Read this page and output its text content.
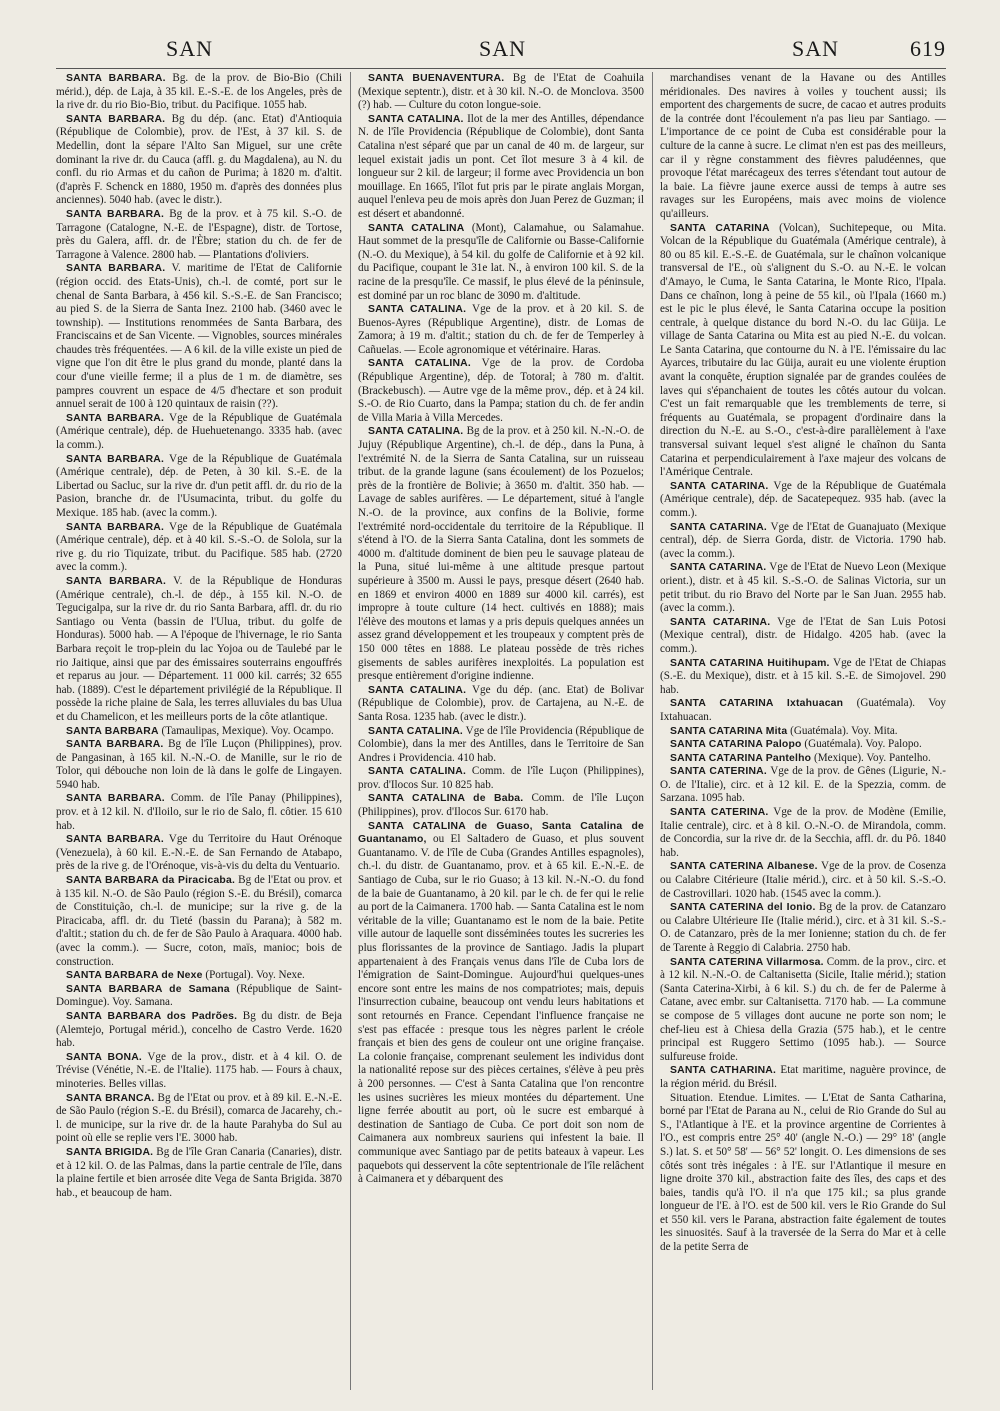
SAN	SAN	SAN	619

SANTA BARBARA. Bg. de la prov. de Bio-Bio (Chili mérid.), dép. de Laja, à 35 kil. E.-S.-E. de los Angeles, près de la rive dr. du rio Bio-Bio, tribut. du Pacifique. 1055 hab.

SANTA BARBARA. Bg du dép. (anc. Etat) d'Antioquia (République de Colombie), prov. de l'Est, à 37 kil. S. de Medellin, dont la sépare l'Alto San Miguel, sur une crête dominant la rive dr. du Cauca (affl. g. du Magdalena), au N. du confl. du rio Armas et du cañon de Purima; à 1820 m. d'altit. (d'après F. Schenck en 1880, 1950 m. d'après des données plus anciennes). 5040 hab. (avec le distr.).

SANTA BARBARA. Bg de la prov. et à 75 kil. S.-O. de Tarragone (Catalogne, N.-E. de l'Espagne), distr. de Tortose, près du Galera, affl. dr. de l'Èbre; station du ch. de fer de Tarragone à Valence. 2800 hab. — Plantations d'oliviers.

SANTA BARBARA. V. maritime de l'Etat de Californie (région occid. des Etats-Unis), ch.-l. de comté, port sur le chenal de Santa Barbara, à 456 kil. S.-S.-E. de San Francisco; au pied S. de la Sierra de Santa Inez. 2100 hab. (3460 avec le township). — Institutions renommées de Santa Barbara, des Franciscains et de San Vicente. — Vignobles, sources minérales chaudes très fréquentées. — A 6 kil. de la ville existe un pied de vigne que l'on dit être le plus grand du monde, planté dans la cour d'une vieille ferme; il a plus de 1 m. de diamètre, ses pampres couvrent un espace de 4/5 d'hectare et son produit annuel serait de 100 à 120 quintaux de raisin (??).

SANTA BARBARA. Vge de la République de Guatémala (Amérique centrale), dép. de Huehuetenango. 3335 hab. (avec la comm.).

SANTA BARBARA. Vge de la République de Guatémala (Amérique centrale), dép. de Peten, à 30 kil. S.-E. de la Libertad ou Sacluc, sur la rive dr. d'un petit affl. dr. du rio de la Pasion, branche dr. de l'Usumacinta, tribut. du golfe du Mexique. 185 hab. (avec la comm.).

SANTA BARBARA. Vge de la République de Guatémala (Amérique centrale), dép. et à 40 kil. S.-S.-O. de Solola, sur la rive g. du rio Tiquizate, tribut. du Pacifique. 585 hab. (2720 avec la comm.).

SANTA BARBARA. V. de la République de Honduras (Amérique centrale), ch.-l. de dép., à 155 kil. N.-O. de Tegucigalpa, sur la rive dr. du rio Santa Barbara, affl. dr. du rio Santiago ou Venta (bassin de l'Ulua, tribut. du golfe de Honduras). 5000 hab. — A l'époque de l'hivernage, le rio Santa Barbara reçoit le trop-plein du lac Yojoa ou de Taulebé par le rio Jaitique, ainsi que par des émissaires souterrains engouffrés et reparus au jour. — Département. 11 000 kil. carrés; 32 655 hab. (1889). C'est le département privilégié de la République. Il possède la riche plaine de Sala, les terres alluviales du bas Ulua et du Chamelicon, et les meilleurs ports de la côte atlantique.

SANTA BARBARA (Tamaulipas, Mexique). Voy. Ocampo.

SANTA BARBARA. Bg de l'île Luçon (Philippines), prov. de Pangasinan, à 165 kil. N.-N.-O. de Manille, sur le rio de Tolor, qui débouche non loin de là dans le golfe de Lingayen. 5940 hab.

SANTA BARBARA. Comm. de l'île Panay (Philippines), prov. et à 12 kil. N. d'Iloilo, sur le rio de Salo, fl. côtier. 15 610 hab.

SANTA BARBARA. Vge du Territoire du Haut Orénoque (Venezuela), à 60 kil. E.-N.-E. de San Fernando de Atabapo, près de la rive g. de l'Orénoque, vis-à-vis du delta du Ventuario.

SANTA BARBARA da Piracicaba. Bg de l'Etat ou prov. et à 135 kil. N.-O. de São Paulo (région S.-E. du Brésil), comarca de Constituição, ch.-l. de municipe; sur la rive g. de la Piracicaba, affl. dr. du Tieté (bassin du Parana); à 582 m. d'altit.; station du ch. de fer de São Paulo à Araquara. 4000 hab. (avec la comm.). — Sucre, coton, maïs, manioc; bois de construction.

SANTA BARBARA de Nexe (Portugal). Voy. Nexe.

SANTA BARBARA de Samana (République de Saint-Domingue). Voy. Samana.

SANTA BARBARA dos Padrões. Bg du distr. de Beja (Alemtejo, Portugal mérid.), concelho de Castro Verde. 1620 hab.

SANTA BONA. Vge de la prov., distr. et à 4 kil. O. de Trévise (Vénétie, N.-E. de l'Italie). 1175 hab. — Fours à chaux, minoteries. Belles villas.

SANTA BRANCA. Bg de l'Etat ou prov. et à 89 kil. E.-N.-E. de São Paulo (région S.-E. du Brésil), comarca de Jacarehy, ch.-l. de municipe, sur la rive dr. de la haute Parahyba do Sul au point où elle se replie vers l'E. 3000 hab.

SANTA BRIGIDA. Bg de l'île Gran Canaria (Canaries), distr. et à 12 kil. O. de las Palmas, dans la partie centrale de l'île, dans la plaine fertile et bien arrosée dite Vega de Santa Brigida. 3870 hab., et beaucoup de ham.

SANTA BUENAVENTURA. Bg de l'Etat de Coahuila (Mexique septentr.), distr. et à 30 kil. N.-O. de Monclova. 3500 (?) hab. — Culture du coton longue-soie.

SANTA CATALINA. Ilot de la mer des Antilles, dépendance N. de l'île Providencia (République de Colombie), dont Santa Catalina n'est séparé que par un canal de 40 m. de largeur, sur lequel existait jadis un pont. Cet îlot mesure 3 à 4 kil. de longueur sur 2 kil. de largeur; il forme avec Providencia un bon mouillage. En 1665, l'îlot fut pris par le pirate anglais Morgan, auquel l'enleva peu de mois après don Juan Perez de Guzman; il est désert et abandonné.

SANTA CATALINA (Mont), Calamahue, ou Salamahue. Haut sommet de la presqu'île de Californie ou Basse-Californie (N.-O. du Mexique), à 54 kil. du golfe de Californie et à 92 kil. du Pacifique, coupant le 31e lat. N., à environ 100 kil. S. de la racine de la presqu'île. Ce massif, le plus élevé de la péninsule, est dominé par un roc blanc de 3090 m. d'altitude.

SANTA CATALINA. Vge de la prov. et à 20 kil. S. de Buenos-Ayres (République Argentine), distr. de Lomas de Zamora; à 19 m. d'altit.; station du ch. de fer de Temperley à Cañuelas. — Ecole agronomique et vétérinaire. Haras.

SANTA CATALINA. Vge de la prov. de Cordoba (République Argentine), dép. de Totoral; à 780 m. d'altit. (Brackebusch). — Autre vge de la même prov., dép. et à 24 kil. S.-O. de Rio Cuarto, dans la Pampa; station du ch. de fer andin de Villa Maria à Villa Mercedes.

SANTA CATALINA. Bg de la prov. et à 250 kil. N.-N.-O. de Jujuy (République Argentine), ch.-l. de dép., dans la Puna, à l'extrémité N. de la Sierra de Santa Catalina, sur un ruisseau tribut. de la grande lagune (sans écoulement) de los Pozuelos; près de la frontière de Bolivie; à 3650 m. d'altit. 350 hab. — Lavage de sables aurifères. — Le département, situé à l'angle N.-O. de la province, aux confins de la Bolivie, forme l'extrémité nord-occidentale du territoire de la République. Il s'étend à l'O. de la Sierra Santa Catalina, dont les sommets de 4000 m. d'altitude dominent de bien peu le sauvage plateau de la Puna, situé lui-même à une altitude presque partout supérieure à 3500 m. Aussi le pays, presque désert (2640 hab. en 1869 et environ 4000 en 1889 sur 4000 kil. carrés), est impropre à toute culture (14 hect. cultivés en 1888); mais l'élève des moutons et lamas y a pris depuis quelques années un assez grand développement et les troupeaux y comptent près de 150 000 têtes en 1888. Le plateau possède de très riches gisements de sables aurifères inexploités. La population est presque entièrement d'origine indienne.

SANTA CATALINA. Vge du dép. (anc. Etat) de Bolivar (République de Colombie), prov. de Cartajena, au N.-E. de Santa Rosa. 1235 hab. (avec le distr.).

SANTA CATALINA. Vge de l'île Providencia (République de Colombie), dans la mer des Antilles, dans le Territoire de San Andres i Providencia. 410 hab.

SANTA CATALINA. Comm. de l'île Luçon (Philippines), prov. d'Ilocos Sur. 10 825 hab.

SANTA CATALINA de Baba. Comm. de l'île Luçon (Philippines), prov. d'Ilocos Sur. 6170 hab.

SANTA CATALINA de Guaso, Santa Catalina de Guantanamo, ou El Saltadero de Guaso, et plus souvent Guantanamo. V. de l'île de Cuba (Grandes Antilles espagnoles), ch.-l. du distr. de Guantanamo, prov. et à 65 kil. E.-N.-E. de Santiago de Cuba, sur le rio Guaso; à 13 kil. N.-N.-O. du fond de la baie de Guantanamo, à 20 kil. par le ch. de fer qui le relie au port de la Caimanera. 1700 hab. — Santa Catalina est le nom véritable de la ville; Guantanamo est le nom de la baie. Petite ville autour de laquelle sont disséminées toutes les sucreries les plus florissantes de la province de Santiago. Jadis la plupart appartenaient à des Français venus dans l'île de Cuba lors de l'émigration de Saint-Domingue. Aujourd'hui quelques-unes encore sont entre les mains de nos compatriotes; mais, depuis l'insurrection cubaine, beaucoup ont vendu leurs habitations et sont retournés en France. Cependant l'influence française ne s'est pas effacée : presque tous les nègres parlent le créole français et bien des gens de couleur ont une origine française. La colonie française, comprenant seulement les individus dont la nationalité repose sur des pièces certaines, s'élève à peu près à 200 personnes. — C'est à Santa Catalina que l'on rencontre les usines sucrières les mieux montées du département. Une ligne ferrée aboutit au port, où le sucre est embarqué à destination de Santiago de Cuba. Ce port doit son nom de Caimanera aux nombreux sauriens qui infestent la baie. Il communique avec Santiago par de petits bateaux à vapeur. Les paquebots qui desservent la côte septentrionale de l'île relâchent à Caimanera et y débarquent des

marchandises venant de la Havane ou des Antilles méridionales. Des navires à voiles y touchent aussi; ils emportent des chargements de sucre, de cacao et autres produits de la contrée dont l'écoulement n'a pas lieu par Santiago. — L'importance de ce point de Cuba est considérable pour la culture de la canne à sucre. Le climat n'en est pas des meilleurs, car il y règne constamment des fièvres paludéennes, que provoque l'état marécageux des terres s'étendant tout autour de la baie. La fièvre jaune exerce aussi de temps à autre ses ravages sur les Européens, mais avec moins de violence qu'ailleurs.

SANTA CATARINA (Volcan), Suchitepeque, ou Mita. Volcan de la République du Guatémala (Amérique centrale), à 80 ou 85 kil. E.-S.-E. de Guatémala, sur le chaînon volcanique transversal de l'E., où s'alignent du S.-O. au N.-E. le volcan d'Amayo, le Cuma, le Santa Catarina, le Monte Rico, l'Ipala. Dans ce chaînon, long à peine de 55 kil., où l'Ipala (1660 m.) est le pic le plus élevé, le Santa Catarina occupe la position centrale, à quelque distance du bord N.-O. du lac Güija. Le village de Santa Catarina ou Mita est au pied N.-E. du volcan. Le Santa Catarina, que contourne du N. à l'E. l'émissaire du lac Ayarces, tributaire du lac Güija, aurait eu une violente éruption avant la conquête, éruption signalée par de grandes coulées de laves qui s'épanchaient de toutes les côtés autour du volcan. C'est un fait remarquable que les tremblements de terre, si fréquents au Guatémala, se propagent d'ordinaire dans la direction du N.-E. au S.-O., c'est-à-dire parallèlement à l'axe transversal suivant lequel s'est aligné le chaînon du Santa Catarina et perpendiculairement à l'axe majeur des volcans de l'Amérique Centrale.

SANTA CATARINA. Vge de la République de Guatémala (Amérique centrale), dép. de Sacatepequez. 935 hab. (avec la comm.).

SANTA CATARINA. Vge de l'Etat de Guanajuato (Mexique central), dép. de Sierra Gorda, distr. de Victoria. 1790 hab. (avec la comm.).

SANTA CATARINA. Vge de l'Etat de Nuevo Leon (Mexique orient.), distr. et à 45 kil. S.-S.-O. de Salinas Victoria, sur un petit tribut. du rio Bravo del Norte par le San Juan. 2955 hab. (avec la comm.).

SANTA CATARINA. Vge de l'Etat de San Luis Potosi (Mexique central), distr. de Hidalgo. 4205 hab. (avec la comm.).

SANTA CATARINA Huitihupam. Vge de l'Etat de Chiapas (S.-E. du Mexique), distr. et à 15 kil. S.-E. de Simojovel. 290 hab.

SANTA CATARINA Ixtahuacan (Guatémala). Voy Ixtahuacan.

SANTA CATARINA Mita (Guatémala). Voy. Mita.

SANTA CATARINA Palopo (Guatémala). Voy. Palopo.

SANTA CATARINA Pantelho (Mexique). Voy. Pantelho.

SANTA CATERINA. Vge de la prov. de Gênes (Ligurie, N.-O. de l'Italie), circ. et à 12 kil. E. de la Spezzia, comm. de Sarzana. 1095 hab.

SANTA CATERINA. Vge de la prov. de Modène (Emilie, Italie centrale), circ. et à 8 kil. O.-N.-O. de Mirandola, comm. de Concordia, sur la rive dr. de la Secchia, affl. dr. du Pô. 1840 hab.

SANTA CATERINA Albanese. Vge de la prov. de Cosenza ou Calabre Citérieure (Italie mérid.), circ. et à 50 kil. S.-S.-O. de Castrovillari. 1020 hab. (1545 avec la comm.).

SANTA CATERINA del Ionio. Bg de la prov. de Catanzaro ou Calabre Ultérieure IIe (Italie mérid.), circ. et à 31 kil. S.-S.-O. de Catanzaro, près de la mer Ionienne; station du ch. de fer de Tarente à Reggio di Calabria. 2750 hab.

SANTA CATERINA Villarmosa. Comm. de la prov., circ. et à 12 kil. N.-N.-O. de Caltanisetta (Sicile, Italie mérid.); station (Santa Caterina-Xirbi, à 6 kil. S.) du ch. de fer de Palerme à Catane, avec embr. sur Caltanisetta. 7170 hab. — La commune se compose de 5 villages dont aucune ne porte son nom; le chef-lieu est à Chiesa della Grazia (575 hab.), et le centre principal est Ruggero Settimo (1095 hab.). — Source sulfureuse froide.

SANTA CATHARINA. Etat maritime, naguère province, de la région mérid. du Brésil.

Situation. Etendue. Limites. — L'Etat de Santa Catharina, borné par l'Etat de Parana au N., celui de Rio Grande do Sul au S., l'Atlantique à l'E. et la province argentine de Corrientes à l'O., est compris entre 25° 40' (angle N.-O.) — 29° 18' (angle S.) lat. S. et 50° 58' — 56° 52' longit. O. Les dimensions de ses côtés sont très inégales : à l'E. sur l'Atlantique il mesure en ligne droite 370 kil., abstraction faite des îles, des caps et des baies, tandis qu'à l'O. il n'a que 175 kil.; sa plus grande longueur de l'E. à l'O. est de 500 kil. vers le Rio Grande do Sul et 550 kil. vers le Parana, abstraction faite également de toutes les sinuosités. Sauf à la traversée de la Serra do Mar et à celle de la petite Serra de
